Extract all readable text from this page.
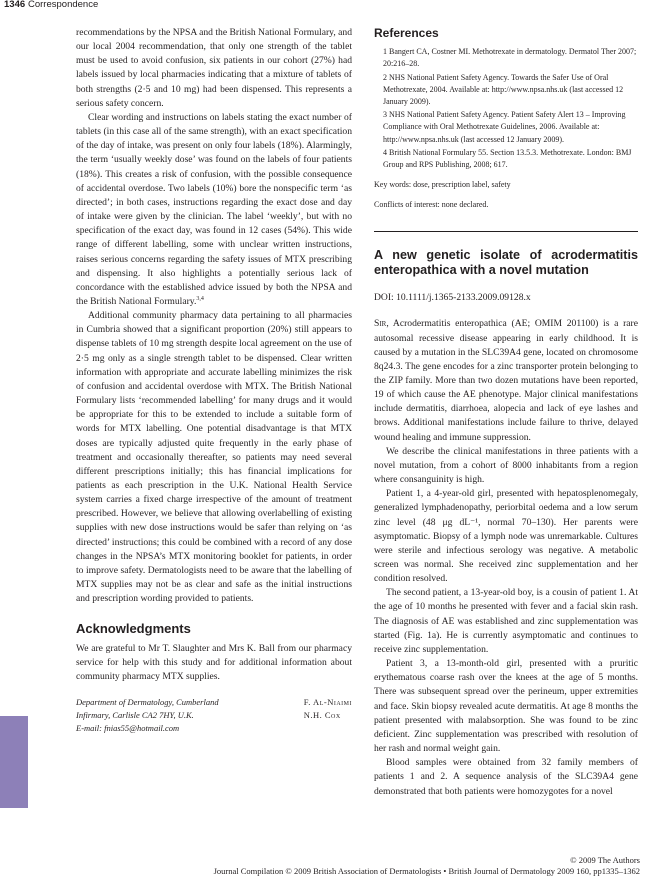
1346 Correspondence

recommendations by the NPSA and the British National Formulary, and our local 2004 recommendation, that only one strength of the tablet must be used to avoid confusion, six patients in our cohort (27%) had labels issued by local pharmacies indicating that a mixture of tablets of both strengths (2·5 and 10 mg) had been dispensed. This represents a serious safety concern.

Clear wording and instructions on labels stating the exact number of tablets (in this case all of the same strength), with an exact specification of the day of intake, was present on only four labels (18%). Alarmingly, the term ‘usually weekly dose’ was found on the labels of four patients (18%). This creates a risk of confusion, with the possible consequence of accidental overdose. Two labels (10%) bore the nonspecific term ‘as directed’; in both cases, instructions regarding the exact dose and day of intake were given by the clinician. The label ‘weekly’, but with no specification of the exact day, was found in 12 cases (54%). This wide range of different labelling, some with unclear written instructions, raises serious concerns regarding the safety issues of MTX prescribing and dispensing. It also highlights a potentially serious lack of concordance with the established advice issued by both the NPSA and the British National Formulary.$^{3,4}$

Additional community pharmacy data pertaining to all pharmacies in Cumbria showed that a significant proportion (20%) still appears to dispense tablets of 10 mg strength despite local agreement on the use of 2·5 mg only as a single strength tablet to be dispensed. Clear written information with appropriate and accurate labelling minimizes the risk of confusion and accidental overdose with MTX. The British National Formulary lists ‘recommended labelling’ for many drugs and it would be appropriate for this to be extended to include a suitable form of words for MTX labelling. One potential disadvantage is that MTX doses are typically adjusted quite frequently in the early phase of treatment and occasionally thereafter, so patients may need several different prescriptions initially; this has financial implications for patients as each prescription in the U.K. National Health Service system carries a fixed charge irrespective of the amount of treatment prescribed. However, we believe that allowing overlabelling of existing supplies with new dose instructions would be safer than relying on ‘as directed’ instructions; this could be combined with a record of any dose changes in the NPSA’s MTX monitoring booklet for patients, in order to improve safety. Dermatologists need to be aware that the labelling of MTX supplies may not be as clear and safe as the initial instructions and prescription wording provided to patients.

Acknowledgments

We are grateful to Mr T. Slaughter and Mrs K. Ball from our pharmacy service for help with this study and for additional information about community pharmacy MTX supplies.

Department of Dermatology, Cumberland
Infirmary, Carlisle CA2 7HY, U.K.
E-mail: fnias55@hotmail.com
F. Al-Niaimi
N.H. Cox
References
1 Bangert CA, Costner MI. Methotrexate in dermatology. Dermatol Ther 2007; 20:216–28.
2 NHS National Patient Safety Agency. Towards the Safer Use of Oral Methotrexate, 2004. Available at: http://www.npsa.nhs.uk (last accessed 12 January 2009).
3 NHS National Patient Safety Agency. Patient Safety Alert 13 – Improving Compliance with Oral Methotrexate Guidelines, 2006. Available at: http://www.npsa.nhs.uk (last accessed 12 January 2009).
4 British National Formulary 55. Section 13.5.3. Methotrexate. London: BMJ Group and RPS Publishing, 2008; 617.
Key words: dose, prescription label, safety
Conflicts of interest: none declared.
A new genetic isolate of acrodermatitis enteropathica with a novel mutation
DOI: 10.1111/j.1365-2133.2009.09128.x

Sir, Acrodermatitis enteropathica (AE; OMIM 201100) is a rare autosomal recessive disease appearing in early childhood. It is caused by a mutation in the SLC39A4 gene, located on chromosome 8q24.3. The gene encodes for a zinc transporter protein belonging to the ZIP family. More than two dozen mutations have been reported, 19 of which cause the AE phenotype. Major clinical manifestations include dermatitis, diarrhoea, alopecia and lack of eye lashes and brows. Additional manifestations include failure to thrive, delayed wound healing and immune suppression.

We describe the clinical manifestations in three patients with a novel mutation, from a cohort of 8000 inhabitants from a region where consanguinity is high.

Patient 1, a 4-year-old girl, presented with hepatosplenomegaly, generalized lymphadenopathy, periorbital oedema and a low serum zinc level (48 μg dL⁻¹, normal 70–130). Her parents were asymptomatic. Biopsy of a lymph node was unremarkable. Cultures were sterile and infectious serology was negative. A metabolic screen was normal. She received zinc supplementation and her condition resolved.

The second patient, a 13-year-old boy, is a cousin of patient 1. At the age of 10 months he presented with fever and a facial skin rash. The diagnosis of AE was established and zinc supplementation was started (Fig. 1a). He is currently asymptomatic and continues to receive zinc supplementation.

Patient 3, a 13-month-old girl, presented with a pruritic erythematous coarse rash over the knees at the age of 5 months. There was subsequent spread over the perineum, upper extremities and face. Skin biopsy revealed acute dermatitis. At age 8 months the patient presented with malabsorption. She was found to be zinc deficient. Zinc supplementation was prescribed with resolution of her rash and normal weight gain.

Blood samples were obtained from 32 family members of patients 1 and 2. A sequence analysis of the SLC39A4 gene demonstrated that both patients were homozygotes for a novel

© 2009 The Authors
Journal Compilation © 2009 British Association of Dermatologists • British Journal of Dermatology 2009 160, pp1335–1362
